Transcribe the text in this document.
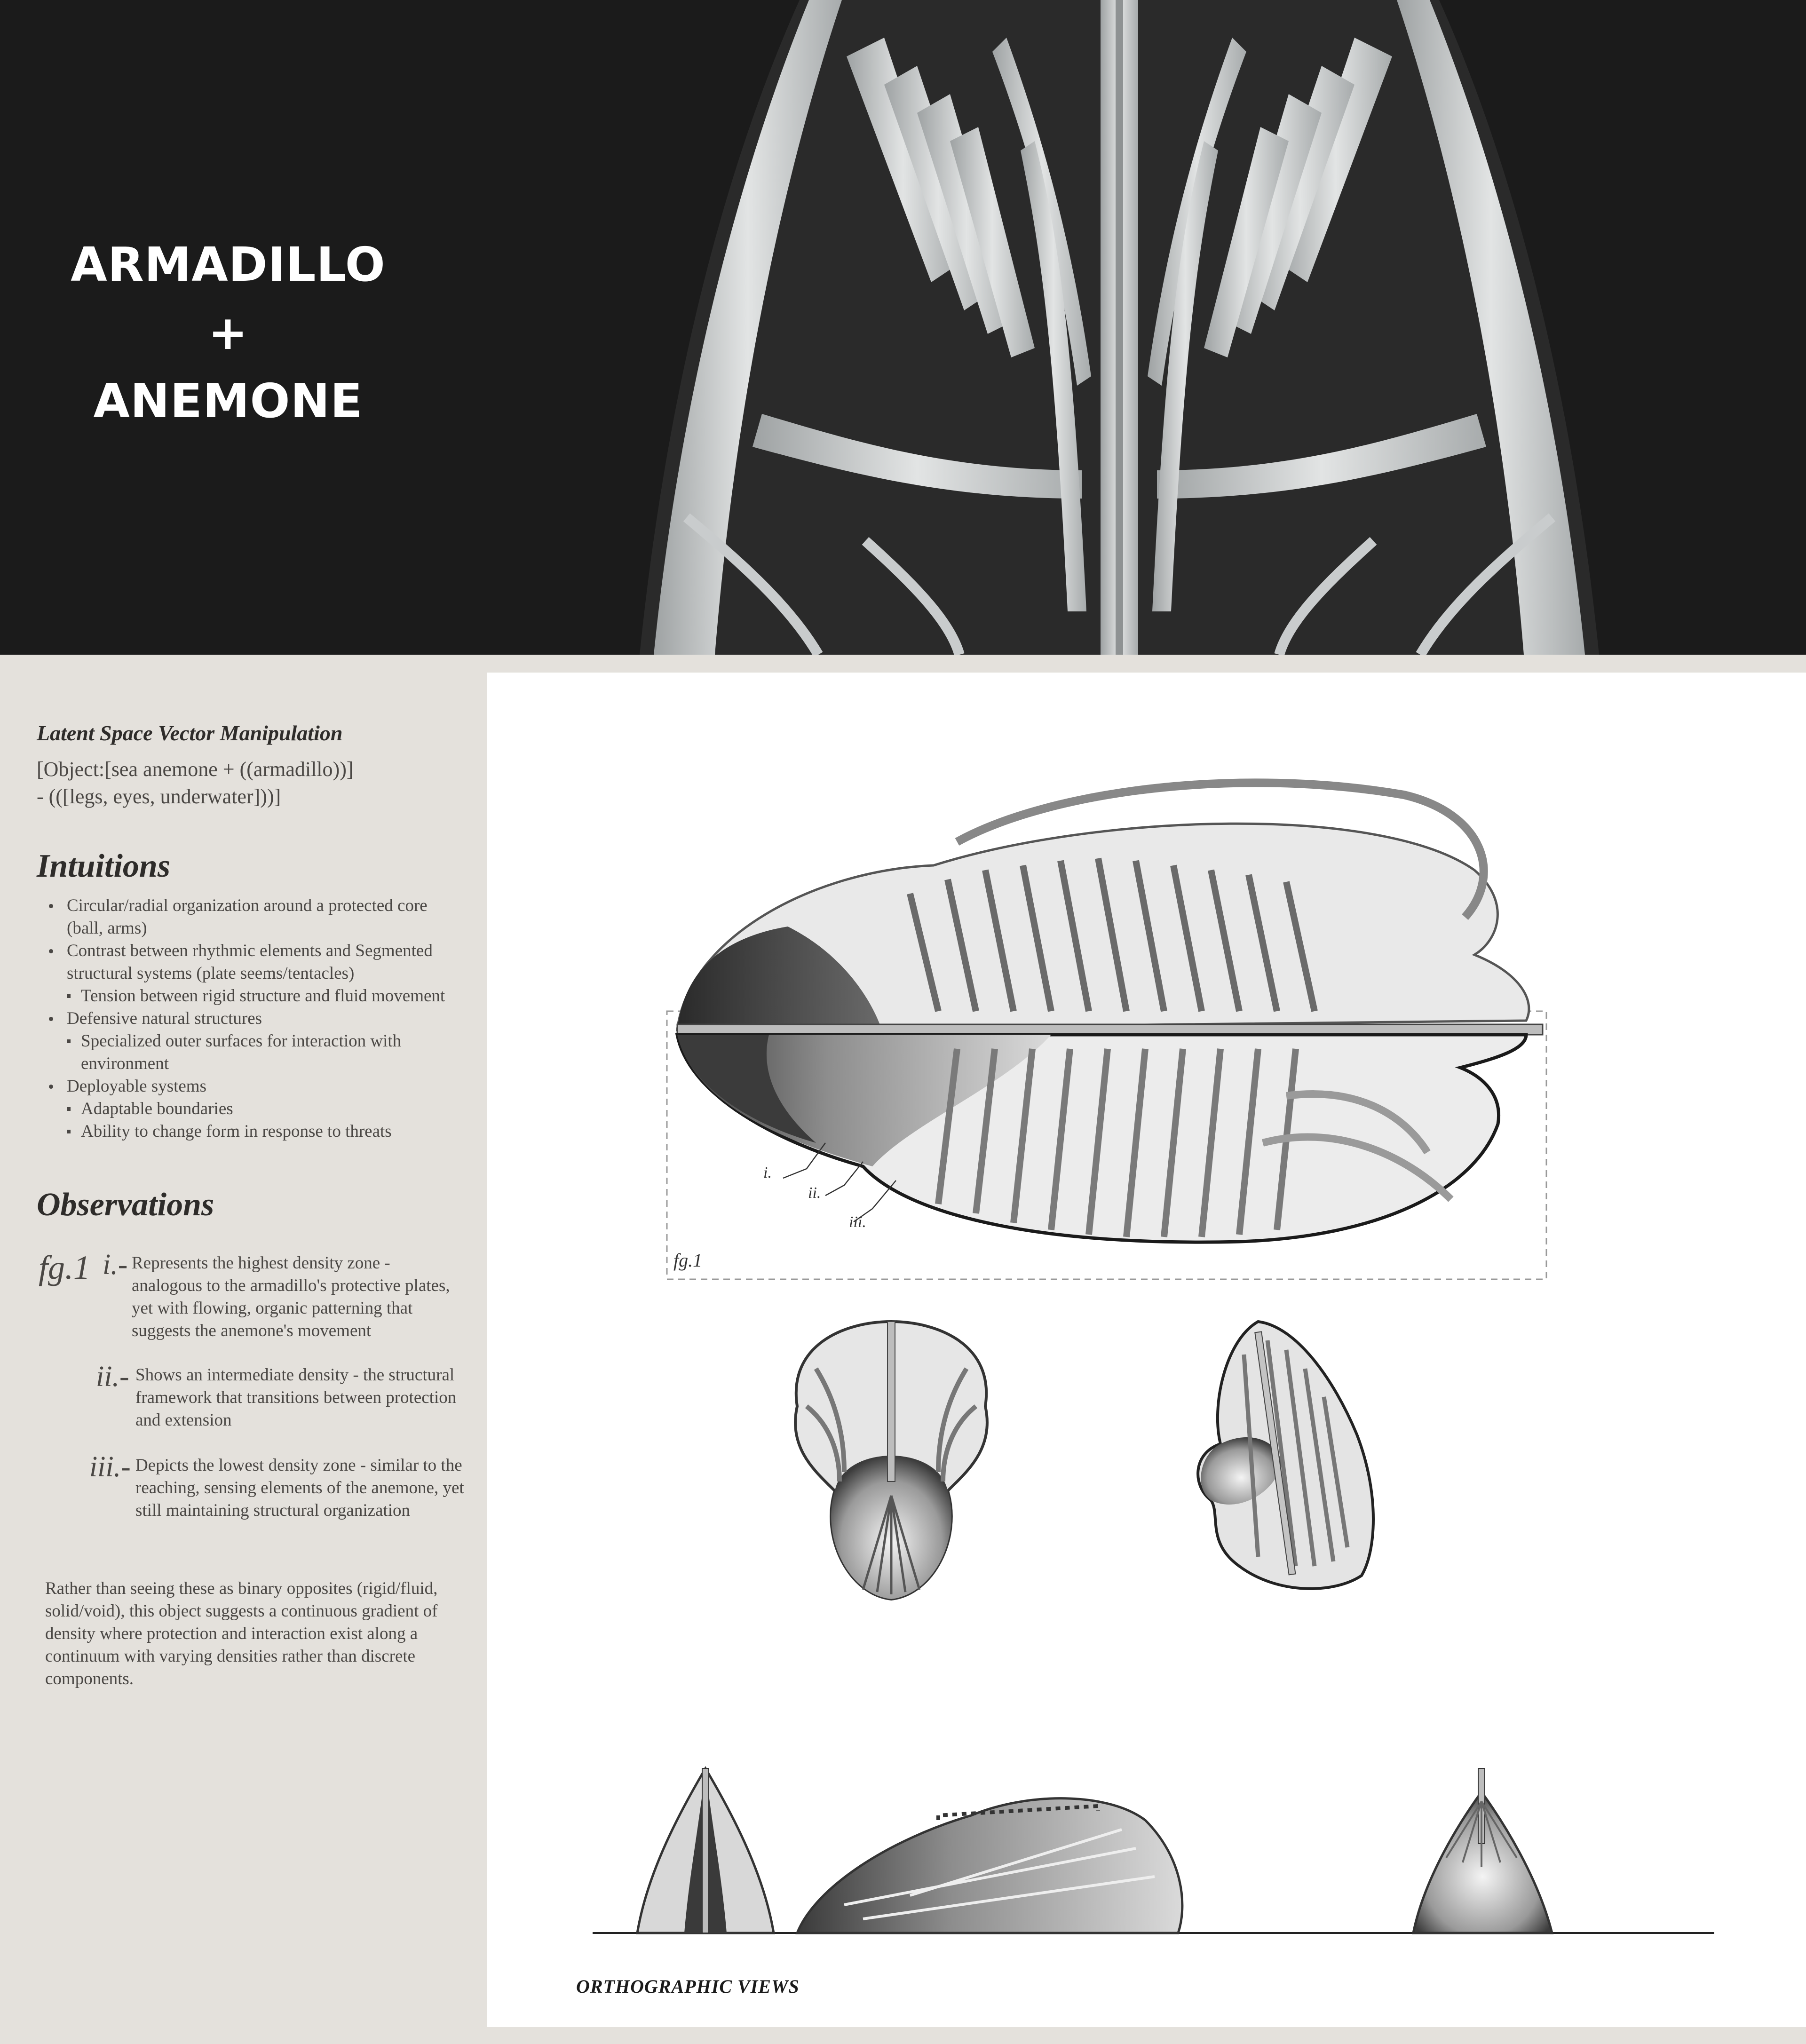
ARMADILLO
+
ANEMONE
Latent Space Vector Manipulation
[Object:[sea anemone + ((armadillo))]
- (([legs, eyes, underwater]))]
Intuitions
Circular/radial organization around a protected core (ball, arms)
Contrast between rhythmic elements and Segmented structural systems (plate seems/tentacles)
Tension between rigid structure and fluid movement
Defensive natural structures
Specialized outer surfaces for interaction with environment
Deployable systems
Adaptable boundaries
Ability to change form in response to threats
Observations
fg.1 i.- Represents the highest density zone - analogous to the armadillo's protective plates, yet with flowing, organic patterning that suggests the anemone's movement
ii.- Shows an intermediate density - the structural framework that transitions between protection and extension
iii.- Depicts the lowest density zone - similar to the reaching, sensing elements of the anemone, yet still maintaining structural organization
Rather than seeing these as binary opposites (rigid/fluid, solid/void), this object suggests a continuous gradient of density where protection and interaction exist along a continuum with varying densities rather than discrete components.
i.
ii.
iii.
fg.1
ORTHOGRAPHIC VIEWS
